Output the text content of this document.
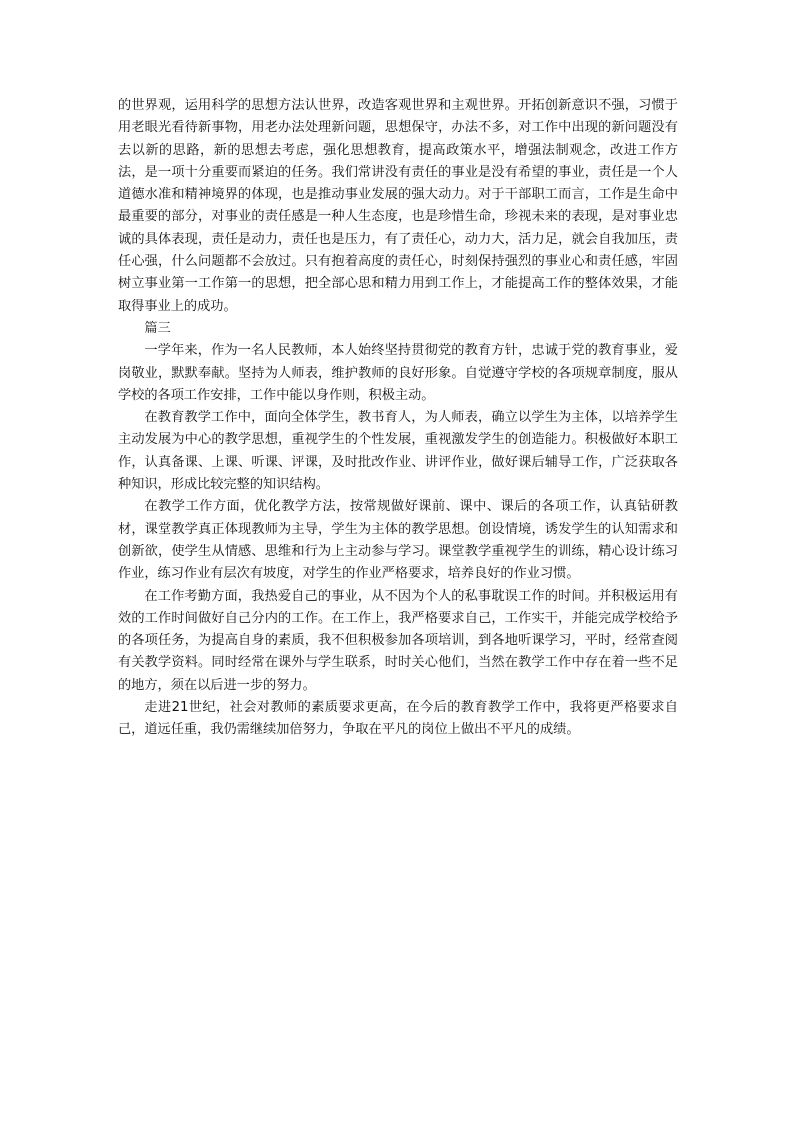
的世界观，运用科学的思想方法认世界，改造客观世界和主观世界。开拓创新意识不强，习惯于用老眼光看待新事物，用老办法处理新问题，思想保守，办法不多，对工作中出现的新问题没有去以新的思路，新的思想去考虑，强化思想教育，提高政策水平，增强法制观念，改进工作方法，是一项十分重要而紧迫的任务。我们常讲没有责任的事业是没有希望的事业，责任是一个人道德水准和精神境界的体现，也是推动事业发展的强大动力。对于干部职工而言，工作是生命中最重要的部分，对事业的责任感是一种人生态度，也是珍惜生命，珍视未来的表现，是对事业忠诚的具体表现，责任是动力，责任也是压力，有了责任心，动力大，活力足，就会自我加压，责任心强，什么问题都不会放过。只有抱着高度的责任心，时刻保持强烈的事业心和责任感，牢固树立事业第一工作第一的思想，把全部心思和精力用到工作上，才能提高工作的整体效果，才能取得事业上的成功。

篇三

一学年来，作为一名人民教师，本人始终坚持贯彻党的教育方针，忠诚于党的教育事业，爱岗敬业，默默奉献。坚持为人师表，维护教师的良好形象。自觉遵守学校的各项规章制度，服从学校的各项工作安排，工作中能以身作则，积极主动。

在教育教学工作中，面向全体学生，教书育人，为人师表，确立以学生为主体，以培养学生主动发展为中心的教学思想，重视学生的个性发展，重视激发学生的创造能力。积极做好本职工作，认真备课、上课、听课、评课，及时批改作业、讲评作业，做好课后辅导工作，广泛获取各种知识，形成比较完整的知识结构。

在教学工作方面，优化教学方法，按常规做好课前、课中、课后的各项工作，认真钻研教材，课堂教学真正体现教师为主导，学生为主体的教学思想。创设情境，诱发学生的认知需求和创新欲，使学生从情感、思维和行为上主动参与学习。课堂教学重视学生的训练，精心设计练习作业，练习作业有层次有坡度，对学生的作业严格要求，培养良好的作业习惯。

在工作考勤方面，我热爱自己的事业，从不因为个人的私事耽误工作的时间。并积极运用有效的工作时间做好自己分内的工作。在工作上，我严格要求自己，工作实干，并能完成学校给予的各项任务，为提高自身的素质，我不但积极参加各项培训，到各地听课学习，平时，经常查阅有关教学资料。同时经常在课外与学生联系，时时关心他们，当然在教学工作中存在着一些不足的地方，须在以后进一步的努力。

走进21世纪，社会对教师的素质要求更高，在今后的教育教学工作中，我将更严格要求自己，道远任重，我仍需继续加倍努力，争取在平凡的岗位上做出不平凡的成绩。
